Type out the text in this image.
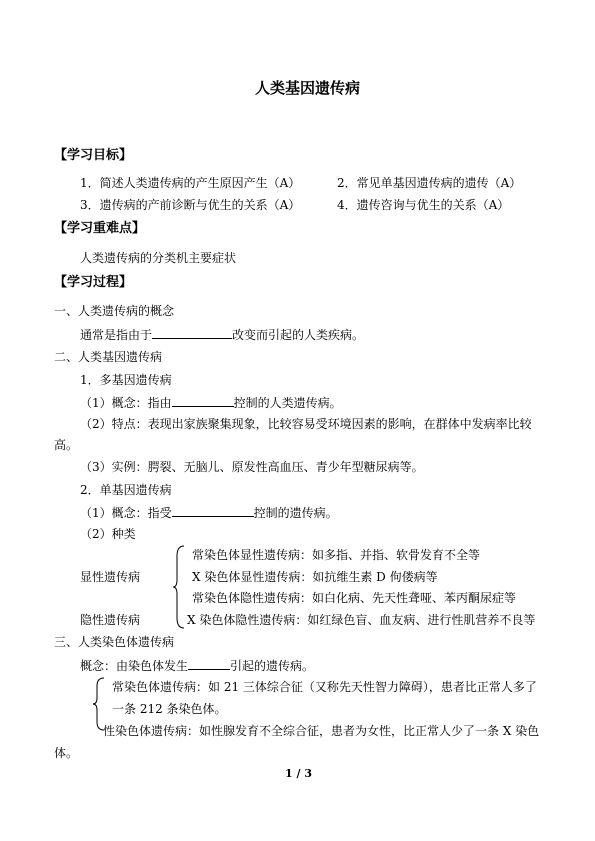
人类基因遗传病
【学习目标】
1．简述人类遗传病的产生原因产生（A）	2．常见单基因遗传病的遗传（A）
3．遗传病的产前诊断与优生的关系（A）	4．遗传咨询与优生的关系（A）
【学习重难点】
人类遗传病的分类机主要症状
【学习过程】
一、人类遗传病的概念
通常是指由于	改变而引起的人类疾病。
二、人类基因遗传病
1．多基因遗传病
（1）概念：指由	控制的人类遗传病。
（2）特点：表现出家族聚集现象，比较容易受环境因素的影响，在群体中发病率比较
高。
（3）实例：腭裂、无脑儿、原发性高血压、青少年型糖尿病等。
2．单基因遗传病
（1）概念：指受	控制的遗传病。
（2）种类
显性遗传病
隐性遗传病
常染色体显性遗传病：如多指、并指、软骨发育不全等
X 染色体显性遗传病：如抗维生素 D 佝偻病等
常染色体隐性遗传病：如白化病、先天性聋哑、苯丙酮尿症等
X 染色体隐性遗传病：如红绿色盲、血友病、进行性肌营养不良等
三、人类染色体遗传病
概念：由染色体发生	引起的遗传病。
常染色体遗传病：如 21 三体综合征（又称先天性智力障碍），患者比正常人多了
一条 212 条染色体。
性染色体遗传病：如性腺发育不全综合征，患者为女性，比正常人少了一条 X 染色
体。
1 / 3
